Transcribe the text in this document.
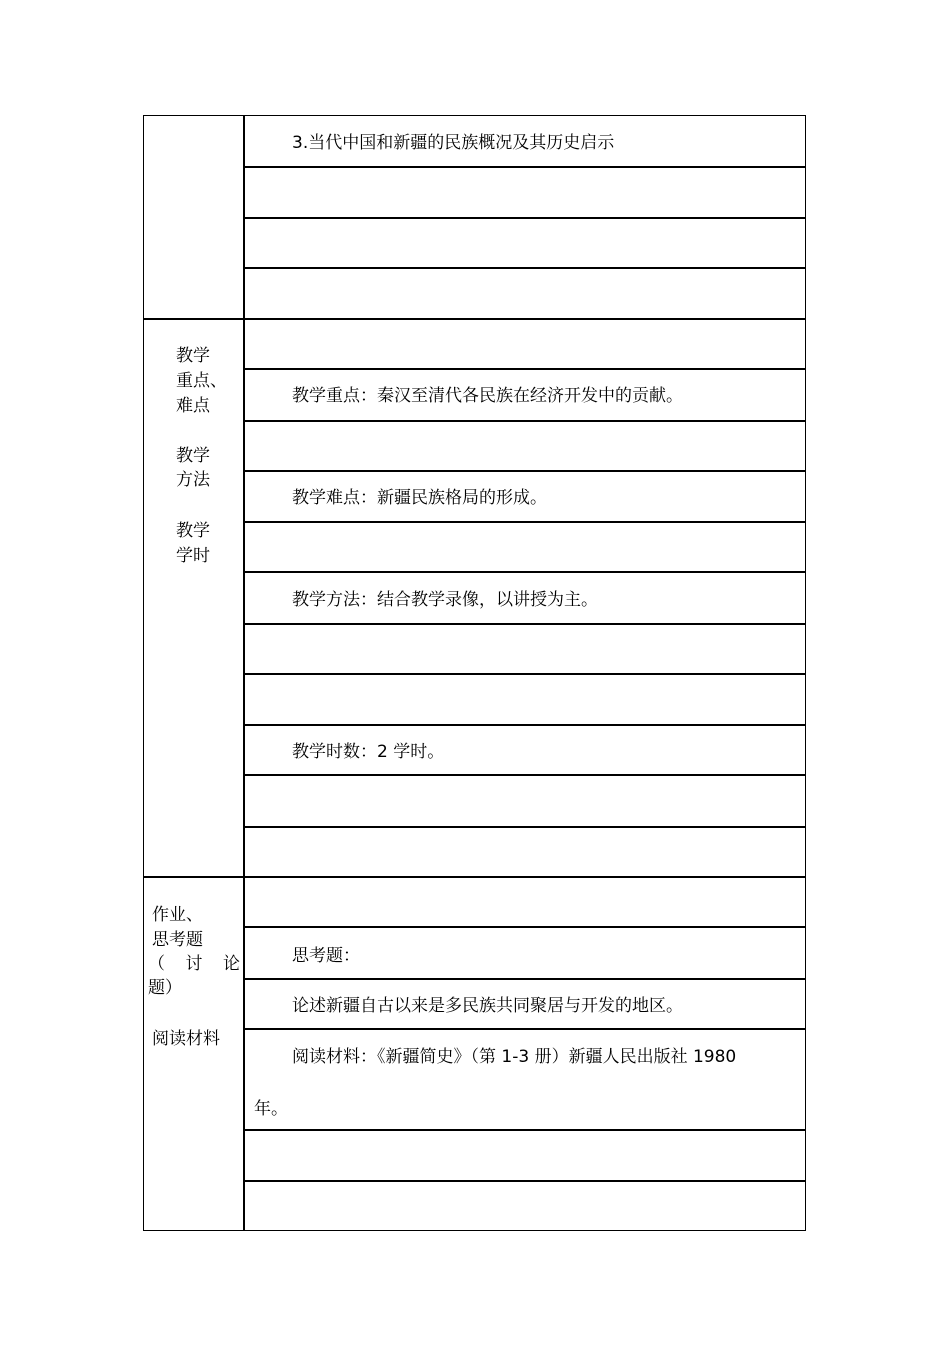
3.当代中国和新疆的民族概况及其历史启示
教学
重点、
难点
教学
方法
教学
学时
教学重点：秦汉至清代各民族在经济开发中的贡献。
教学难点：新疆民族格局的形成。
教学方法：结合教学录像，以讲授为主。
教学时数：2 学时。
作业、
思考题
（ 讨 论
题）
阅读材料
思考题：
论述新疆自古以来是多民族共同聚居与开发的地区。
阅读材料：《新疆简史》（第 1-3 册）新疆人民出版社 1980
年。
